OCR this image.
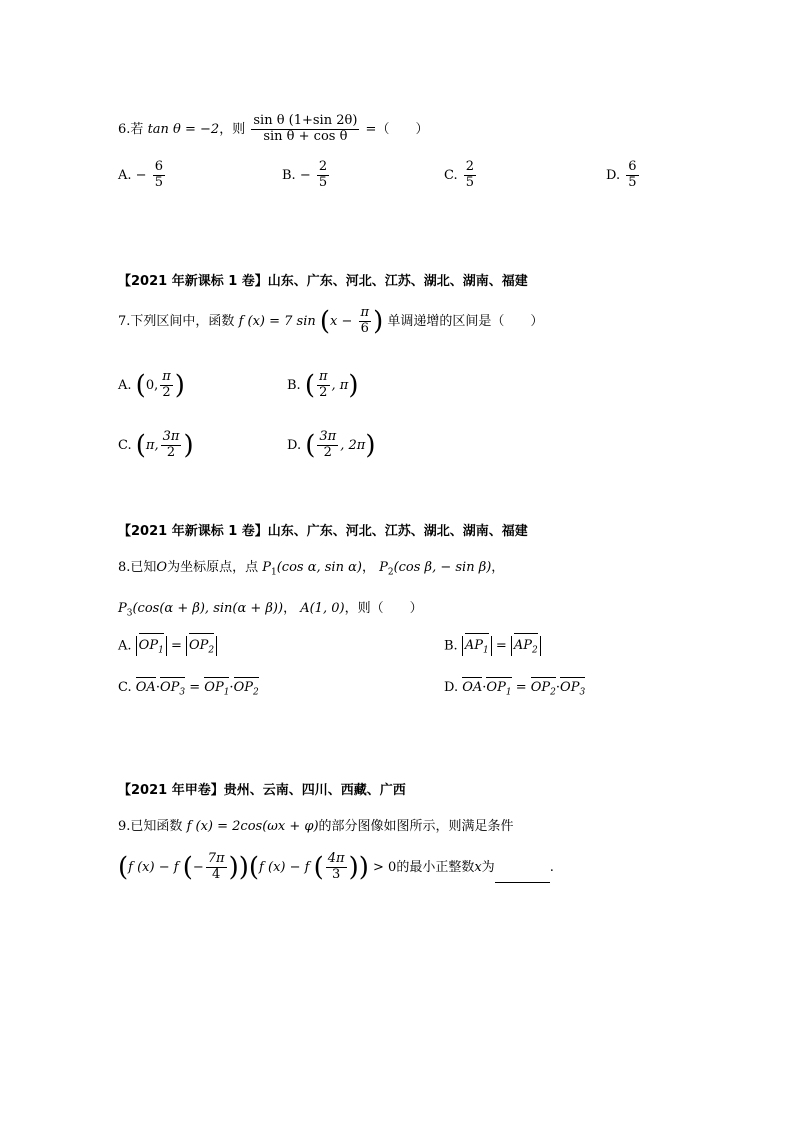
6.若 tan θ = −2，则 $\frac{\text{sin θ (1+sin 2θ)}}{\text{sin θ + cos θ}}$ =（　　）
A. − $\frac{6}{5}$	B. − $\frac{2}{5}$	C. $\frac{2}{5}$	D. $\frac{6}{5}$
【2021 年新课标 1 卷】山东、广东、河北、江苏、湖北、湖南、福建
7.下列区间中，函数 f (x) = 7 $\sin (x - \frac{\pi}{6}$ ) 单调递增的区间是（　　）
A. (0, $\frac{\pi}{2}$ )	B. ( $\frac{\pi}{2}$ , π)
C. (π, $\frac{3\pi}{2}$ )	D. ( $\frac{3\pi}{2}$ , 2π)
【2021 年新课标 1 卷】山东、广东、河北、江苏、湖北、湖南、福建
8.已知O为坐标原点，点 $P_1(\cos$ α, sin α)， $P_2(\cos$ β, − sin β)，
$P_3(\cos(\alpha + \beta)$, sin(α + β))， A(1, 0)，则（　　）
A. $OP_1 = OP_2$	B. $AP_1 = AP_2$
C. $OA\cdot OP_3 = OP_1\cdot OP_2$	D. $OA\cdot OP_1 = OP_2\cdot OP_3$
【2021 年甲卷】贵州、云南、四川、西藏、广西
9.已知函数 f (x) = 2cos(ωx + φ)的部分图像如图所示，则满足条件
(f (x) − f (− $\frac{7\pi}{4} ))(f$ (x) − f ( $\frac{4\pi}{3}$ )) > 0的最小正整数x为	.
